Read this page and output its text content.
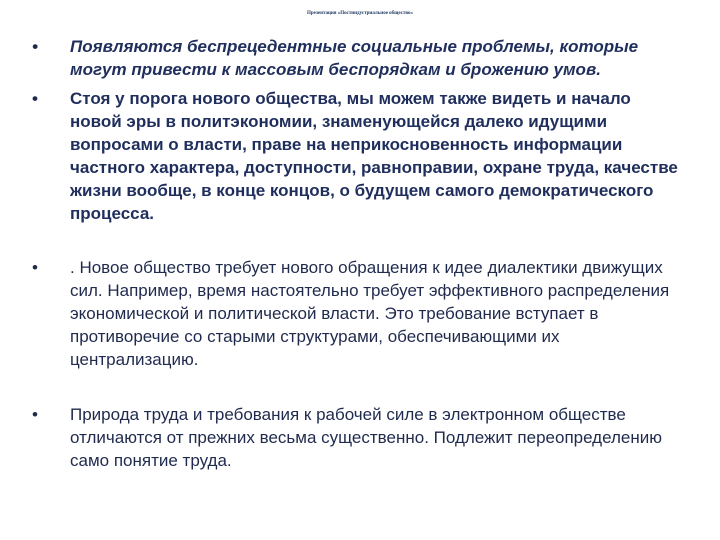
Презентация «Постиндустриальное общество»
•	Появляются беспрецедентные социальные проблемы, которые могут привести к массовым беспорядкам и брожению умов.
•	Стоя у порога нового общества, мы можем также видеть и начало новой эры в политэкономии, знаменующейся далеко идущими вопросами о власти, праве на неприкосновенность информации частного характера, доступности, равноправии, охране труда, качестве жизни вообще, в конце концов, о будущем самого демократического процесса.
•	. Новое общество требует нового обращения к идее диалектики движущих сил. Например, время настоятельно требует эффективного распределения экономической и политической власти. Это требование вступает в противоречие со старыми структурами, обеспечивающими их централизацию.
•	Природа труда и требования к рабочей силе в электронном обществе отличаются от прежних весьма существенно. Подлежит переопределению само понятие труда.
